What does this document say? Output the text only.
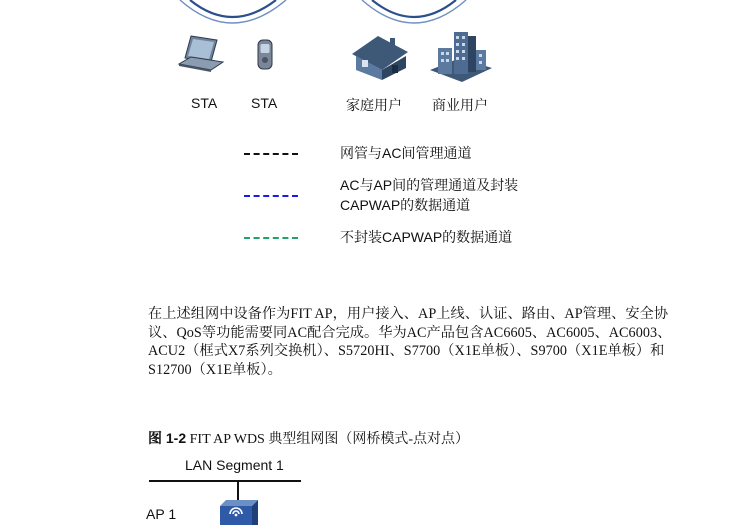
STA STA	家庭用户 商业用户
网管与AC间管理通道
AC与AP间的管理通道及封装
CAPWAP的数据通道
不封装CAPWAP的数据通道
在上述组网中设备作为FIT AP，用户接入、AP上线、认证、路由、AP管理、安全协
议、QoS等功能需要同AC配合完成。华为AC产品包含AC6605、AC6005、AC6003、
ACU2（框式X7系列交换机）、S5720HI、S7700（X1E单板）、S9700（X1E单板）和
S12700（X1E单板）。
图 1-2 FIT AP WDS 典型组网图（网桥模式-点对点）
LAN Segment 1
AP 1
